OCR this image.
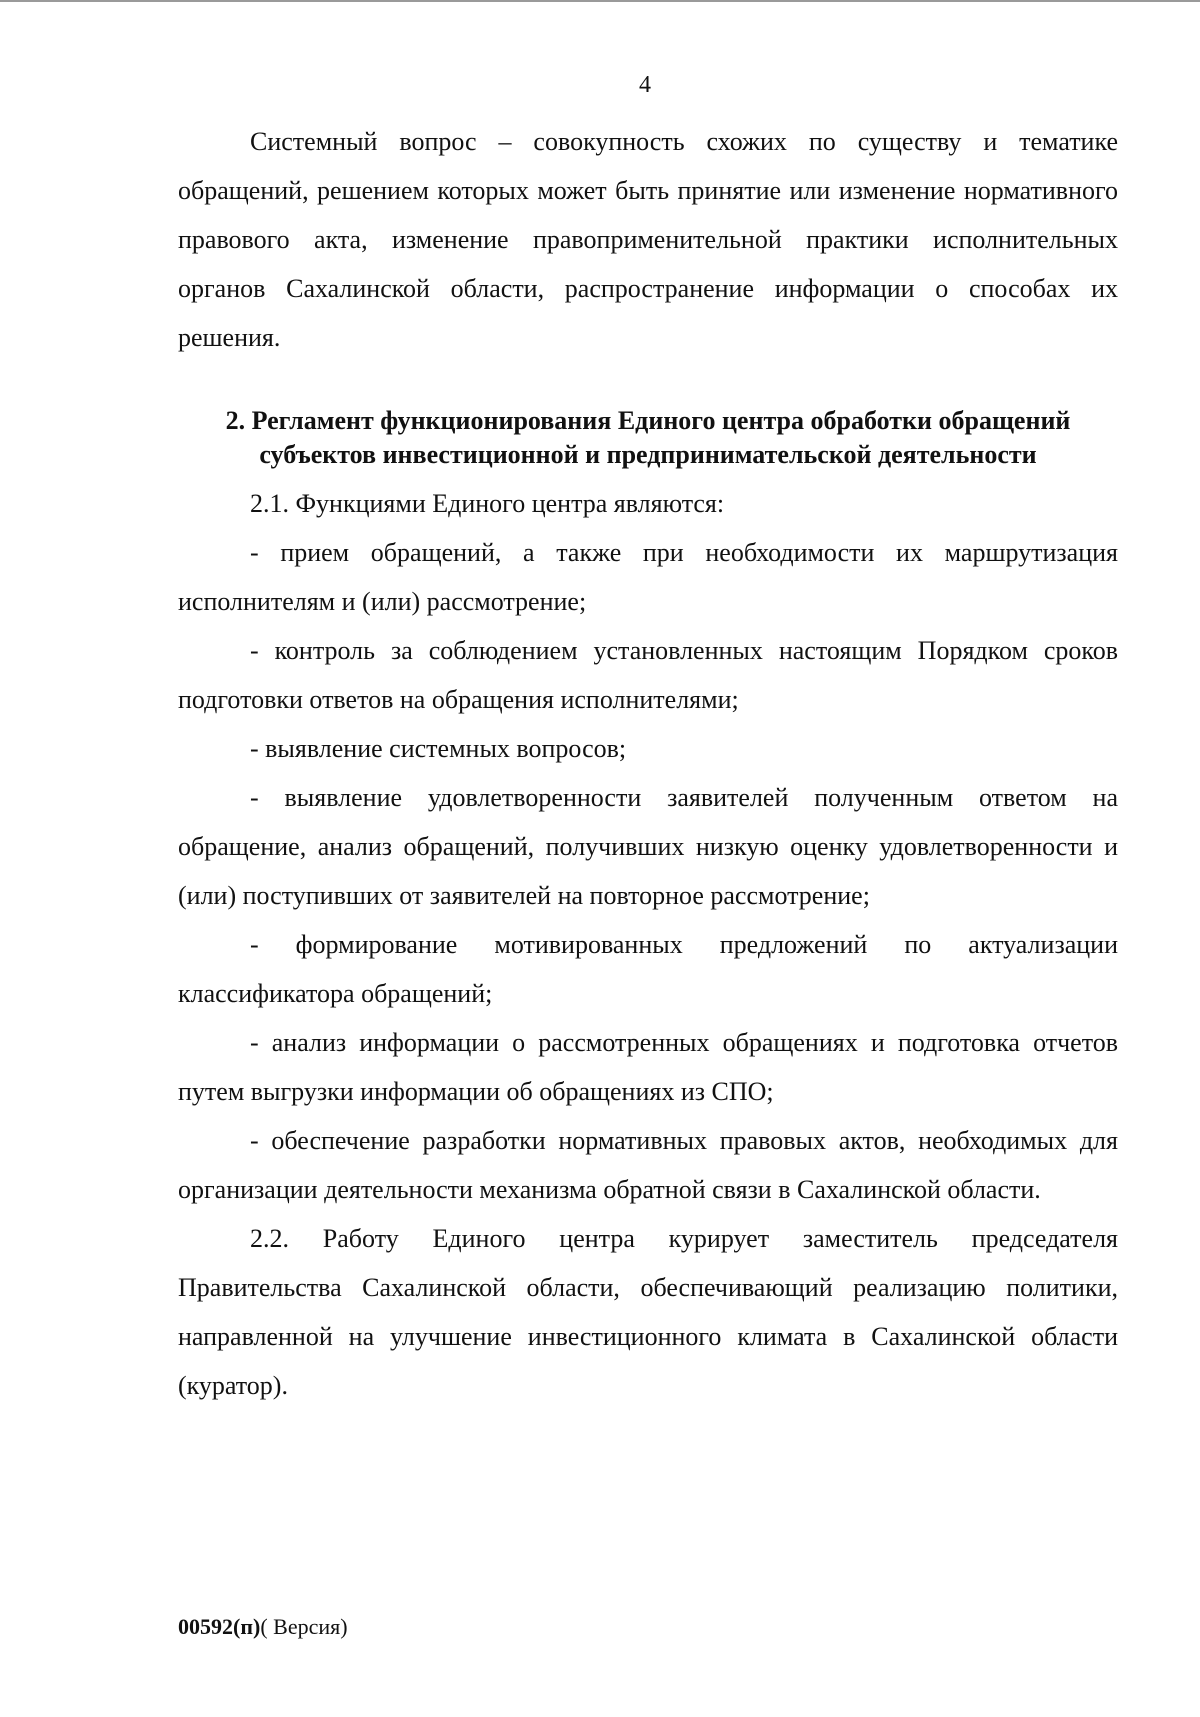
4

Системный вопрос – совокупность схожих по существу и тематике обращений, решением которых может быть принятие или изменение нормативного правового акта, изменение правоприменительной практики исполнительных органов Сахалинской области, распространение информации о способах их решения.

2. Регламент функционирования Единого центра обработки обращений субъектов инвестиционной и предпринимательской деятельности

2.1. Функциями Единого центра являются:

- прием обращений, а также при необходимости их маршрутизация исполнителям и (или) рассмотрение;

- контроль за соблюдением установленных настоящим Порядком сроков подготовки ответов на обращения исполнителями;

- выявление системных вопросов;

- выявление удовлетворенности заявителей полученным ответом на обращение, анализ обращений, получивших низкую оценку удовлетворенности и (или) поступивших от заявителей на повторное рассмотрение;

- формирование мотивированных предложений по актуализации классификатора обращений;

- анализ информации о рассмотренных обращениях и подготовка отчетов путем выгрузки информации об обращениях из СПО;

- обеспечение разработки нормативных правовых актов, необходимых для организации деятельности механизма обратной связи в Сахалинской области.

2.2. Работу Единого центра курирует заместитель председателя Правительства Сахалинской области, обеспечивающий реализацию политики, направленной на улучшение инвестиционного климата в Сахалинской области (куратор).

00592(п)( Версия)
